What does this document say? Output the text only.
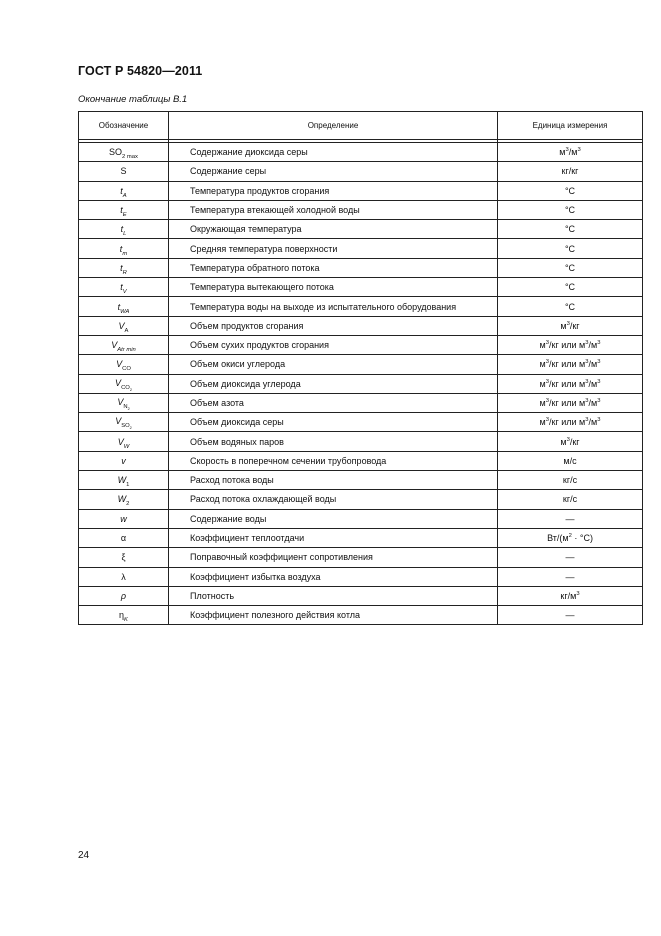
ГОСТ Р 54820—2011
Окончание таблицы В.1
Обозначение	Определение	Единица измерения

$SO_{2 max}$	Содержание диоксида серы	$м^3/м^3$
S	Содержание серы	кг/кг
$t_A$	Температура продуктов сгорания	°C
$t_E$	Температура втекающей холодной воды	°C
$t_L$	Окружающая температура	°C
$t_m$	Средняя температура поверхности	°C
$t_R$	Температура обратного потока	°C
$t_V$	Температура вытекающего потока	°C
$t_{WA}$	Температура воды на выходе из испытательного оборудования	°C
$V_A$	Объем продуктов сгорания	$м^3/кг$
$V_{Atr min}$	Объем сухих продуктов сгорания	$м^3/кг$ или $м^3/м^3$
$V_{CO}$	Объем окиси углерода	$м^3/кг$ или $м^3/м^3$
$V_{CO_2}$	Объем диоксида углерода	$м^3/кг$ или $м^3/м^3$
$V_{N_2}$	Объем азота	$м^3/кг$ или $м^3/м^3$
$V_{SO_2}$	Объем диоксида серы	$м^3/кг$ или $м^3/м^3$
$V_W$	Объем водяных паров	$м^3/кг$
v	Скорость в поперечном сечении трубопровода	м/с
$W_1$	Расход потока воды	кг/с
$W_2$	Расход потока охлаждающей воды	кг/с
w	Содержание воды	—
α	Коэффициент теплоотдачи	$Вт/(м^2 \cdot ^\circ C)$
ξ	Поправочный коэффициент сопротивления	—
λ	Коэффициент избытка воздуха	—
ρ	Плотность	$кг/м^3$
$\eta_K$	Коэффициент полезного действия котла	—
24
